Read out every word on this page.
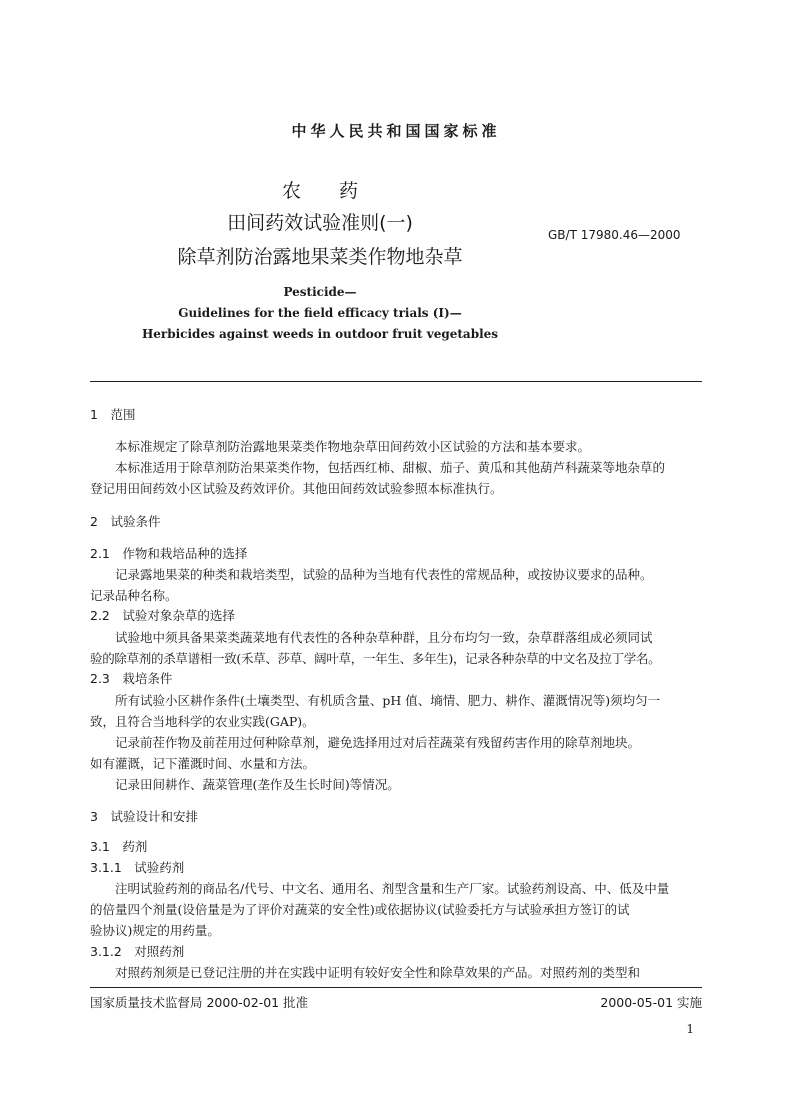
中华人民共和国国家标准
农　　药
田间药效试验准则(一)
除草剂防治露地果菜类作物地杂草
GB/T 17980.46—2000
Pesticide—
Guidelines for the field efficacy trials (Ⅰ)—
Herbicides against weeds in outdoor fruit vegetables
1　范围
本标准规定了除草剂防治露地果菜类作物地杂草田间药效小区试验的方法和基本要求。
本标准适用于除草剂防治果菜类作物，包括西红柿、甜椒、茄子、黄瓜和其他葫芦科蔬菜等地杂草的
登记用田间药效小区试验及药效评价。其他田间药效试验参照本标准执行。
2　试验条件
2.1　作物和栽培品种的选择
记录露地果菜的种类和栽培类型，试验的品种为当地有代表性的常规品种，或按协议要求的品种。
记录品种名称。
2.2　试验对象杂草的选择
试验地中须具备果菜类蔬菜地有代表性的各种杂草种群，且分布均匀一致，杂草群落组成必须同试
验的除草剂的杀草谱相一致(禾草、莎草、阔叶草，一年生、多年生)，记录各种杂草的中文名及拉丁学名。
2.3　栽培条件
所有试验小区耕作条件(土壤类型、有机质含量、pH 值、墒情、肥力、耕作、灌溉情况等)须均匀一
致，且符合当地科学的农业实践(GAP)。
记录前茬作物及前茬用过何种除草剂，避免选择用过对后茬蔬菜有残留药害作用的除草剂地块。
如有灌溉，记下灌溉时间、水量和方法。
记录田间耕作、蔬菜管理(垄作及生长时间)等情况。
3　试验设计和安排
3.1　药剂
3.1.1　试验药剂
注明试验药剂的商品名/代号、中文名、通用名、剂型含量和生产厂家。试验药剂设高、中、低及中量
的倍量四个剂量(设倍量是为了评价对蔬菜的安全性)或依据协议(试验委托方与试验承担方签订的试
验协议)规定的用药量。
3.1.2　对照药剂
对照药剂须是已登记注册的并在实践中证明有较好安全性和除草效果的产品。对照药剂的类型和
国家质量技术监督局 2000-02-01 批准	2000-05-01 实施
1
